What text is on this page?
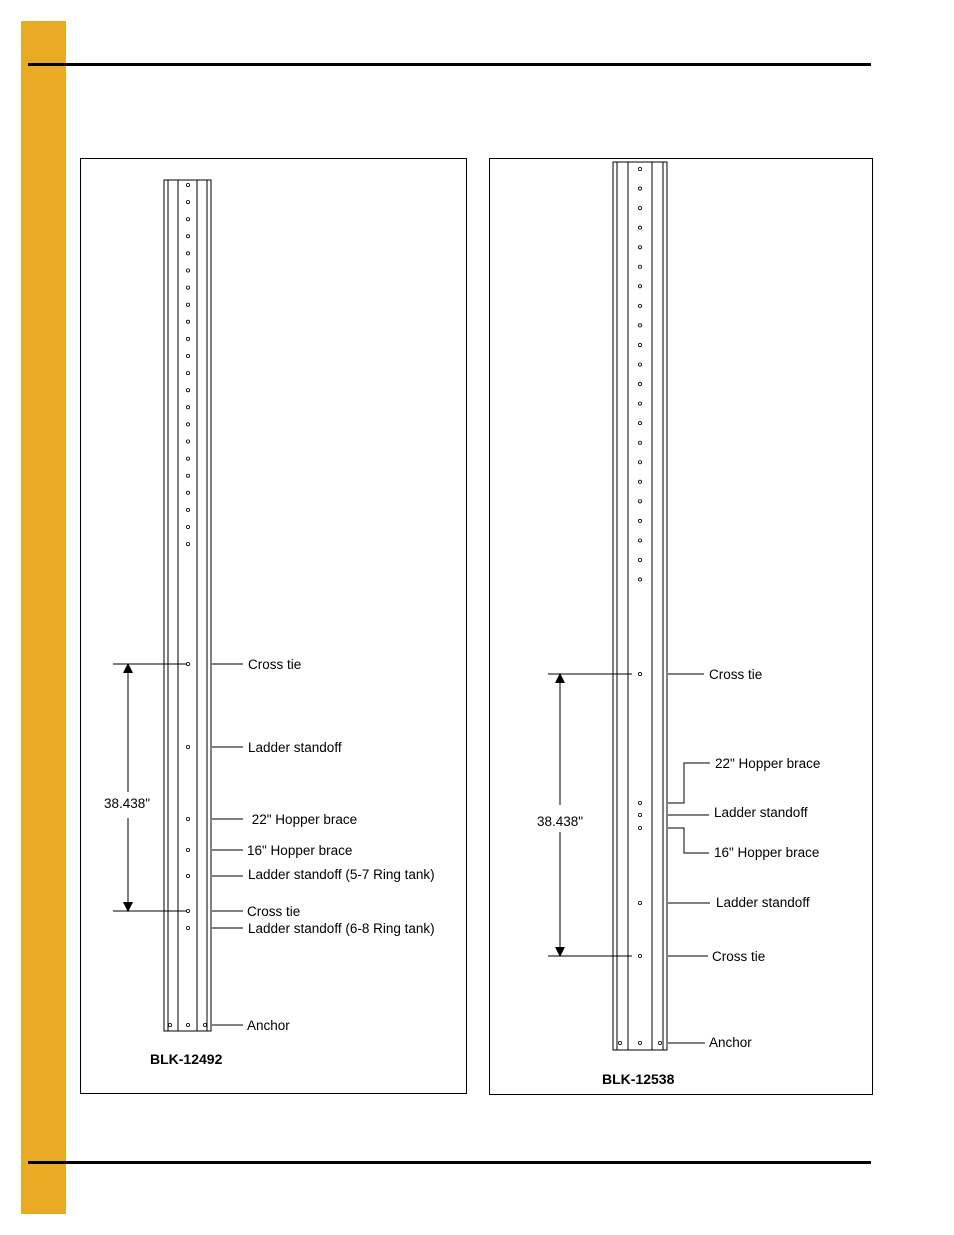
38.438"
Cross tie
Ladder standoff
22" Hopper brace
16" Hopper brace
Ladder standoff (5-7 Ring tank)
Cross tie
Ladder standoff (6-8 Ring tank)
Anchor
BLK-12492
38.438"
Cross tie
22" Hopper brace
Ladder standoff
16" Hopper brace
Ladder standoff
Cross tie
Anchor
BLK-12538
